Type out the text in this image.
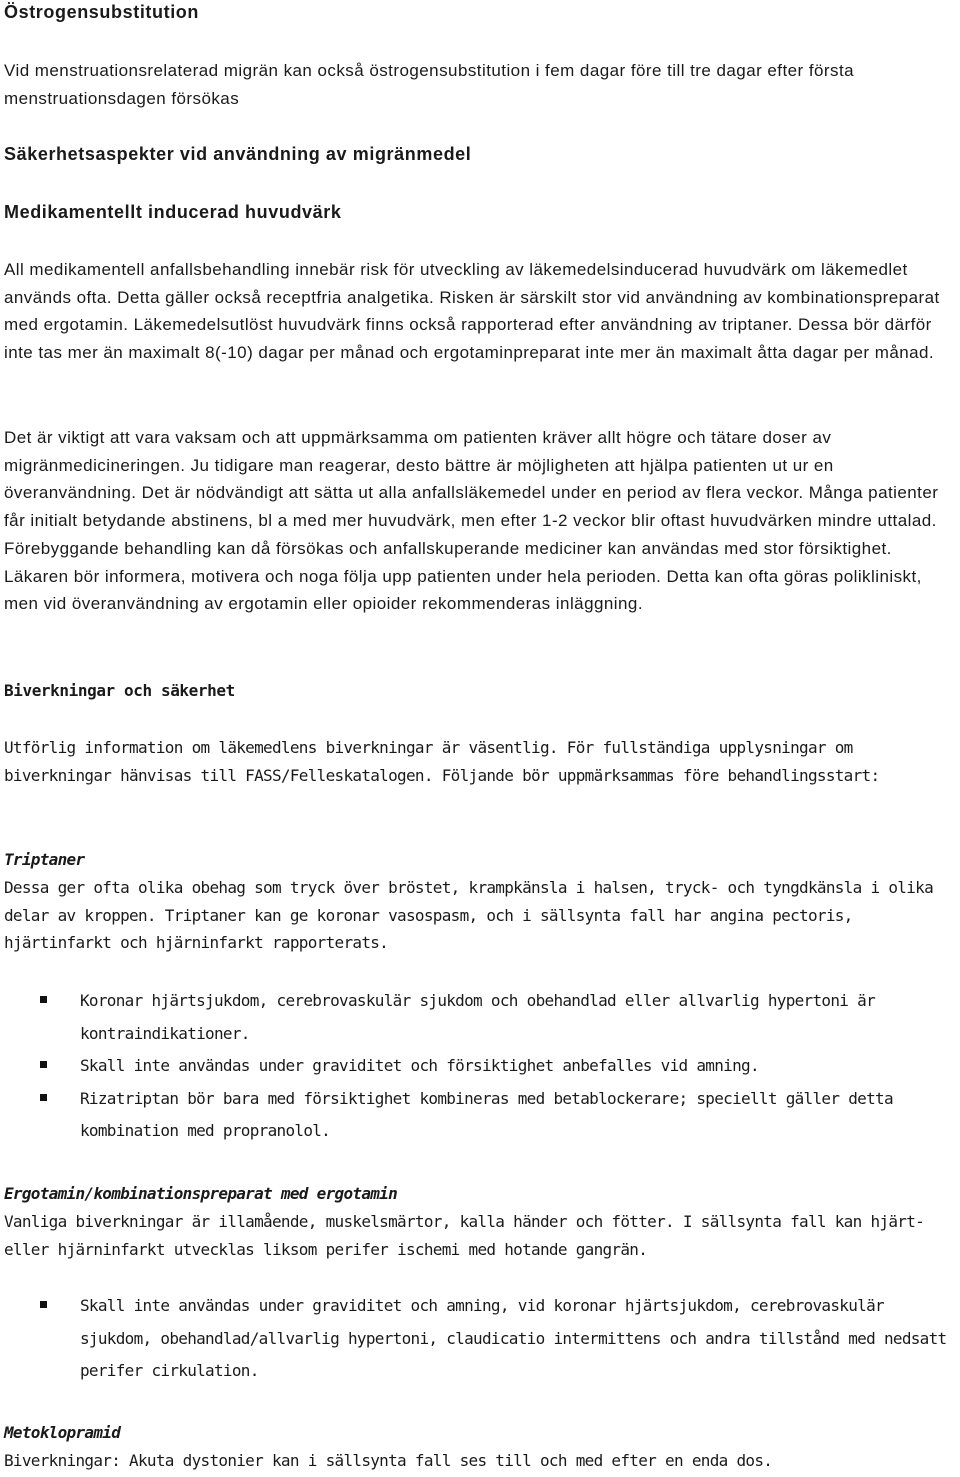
Östrogensubstitution

Vid menstruationsrelaterad migrän kan också östrogensubstitution i fem dagar före till tre dagar efter första menstruationsdagen försökas

Säkerhetsaspekter vid användning av migränmedel
Medikamentellt inducerad huvudvärk

All medikamentell anfallsbehandling innebär risk för utveckling av läkemedelsinducerad huvudvärk om läkemedlet används ofta. Detta gäller också receptfria analgetika. Risken är särskilt stor vid användning av kombinationspreparat med ergotamin. Läkemedelsutlöst huvudvärk finns också rapporterad efter användning av triptaner. Dessa bör därför inte tas mer än maximalt 8(-10) dagar per månad och ergotaminpreparat inte mer än maximalt åtta dagar per månad.

Det är viktigt att vara vaksam och att uppmärksamma om patienten kräver allt högre och tätare doser av migränmedicineringen. Ju tidigare man reagerar, desto bättre är möjligheten att hjälpa patienten ut ur en överanvändning. Det är nödvändigt att sätta ut alla anfallsläkemedel under en period av flera veckor. Många patienter får initialt betydande abstinens, bl a med mer huvudvärk, men efter 1-2 veckor blir oftast huvudvärken mindre uttalad. Förebyggande behandling kan då försökas och anfallskuperande mediciner kan användas med stor försiktighet. Läkaren bör informera, motivera och noga följa upp patienten under hela perioden. Detta kan ofta göras polikliniskt, men vid överanvändning av ergotamin eller opioider rekommenderas inläggning.

Biverkningar och säkerhet

Utförlig information om läkemedlens biverkningar är väsentlig. För fullständiga upplysningar om biverkningar hänvisas till FASS/Felleskatalogen. Följande bör uppmärksammas före behandlingsstart:

Triptaner

Dessa ger ofta olika obehag som tryck över bröstet, krampkänsla i halsen, tryck- och tyngdkänsla i olika delar av kroppen. Triptaner kan ge koronar vasospasm, och i sällsynta fall har angina pectoris, hjärtinfarkt och hjärninfarkt rapporterats.

Koronar hjärtsjukdom, cerebrovaskulär sjukdom och obehandlad eller allvarlig hypertoni är kontraindikationer.
Skall inte användas under graviditet och försiktighet anbefalles vid amning.
Rizatriptan bör bara med försiktighet kombineras med betablockerare; speciellt gäller detta kombination med propranolol.
Ergotamin/kombinationspreparat med ergotamin

Vanliga biverkningar är illamående, muskelsmärtor, kalla händer och fötter. I sällsynta fall kan hjärt- eller hjärninfarkt utvecklas liksom perifer ischemi med hotande gangrän.

Skall inte användas under graviditet och amning, vid koronar hjärtsjukdom, cerebrovaskulär sjukdom, obehandlad/allvarlig hypertoni, claudicatio intermittens och andra tillstånd med nedsatt perifer cirkulation.
Metoklopramid

Biverkningar: Akuta dystonier kan i sällsynta fall ses till och med efter en enda dos.
